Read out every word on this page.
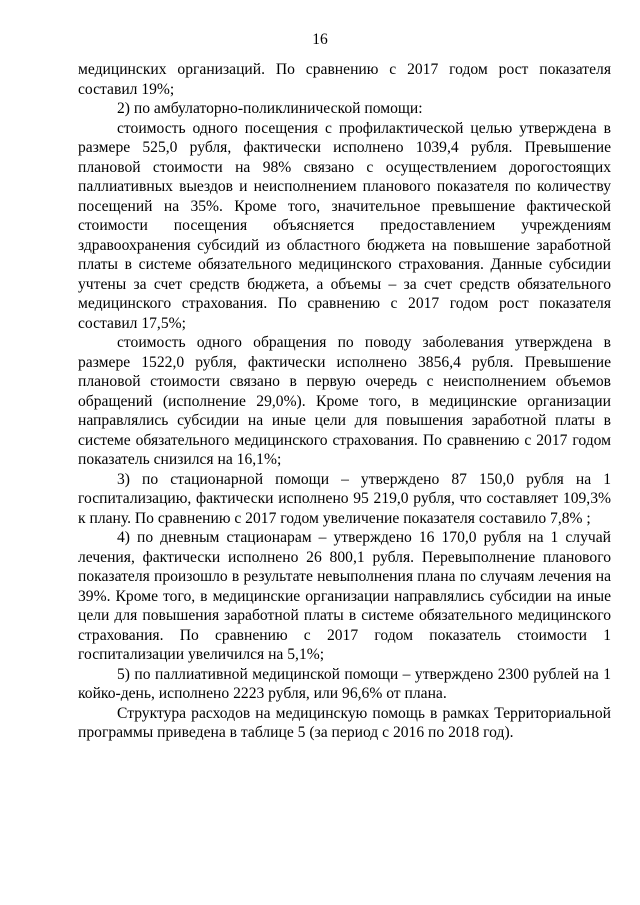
16

медицинских организаций. По сравнению с 2017 годом рост показателя составил 19%;

2) по амбулаторно-поликлинической помощи:

стоимость одного посещения с профилактической целью утверждена в размере 525,0 рубля, фактически исполнено 1039,4 рубля. Превышение плановой стоимости на 98% связано с осуществлением дорогостоящих паллиативных выездов и неисполнением планового показателя по количеству посещений на 35%. Кроме того, значительное превышение фактической стоимости посещения объясняется предоставлением учреждениям здравоохранения субсидий из областного бюджета на повышение заработной платы в системе обязательного медицинского страхования. Данные субсидии учтены за счет средств бюджета, а объемы – за счет средств обязательного медицинского страхования. По сравнению с 2017 годом рост показателя составил 17,5%;

стоимость одного обращения по поводу заболевания утверждена в размере 1522,0 рубля, фактически исполнено 3856,4 рубля. Превышение плановой стоимости связано в первую очередь с неисполнением объемов обращений (исполнение 29,0%). Кроме того, в медицинские организации направлялись субсидии на иные цели для повышения заработной платы в системе обязательного медицинского страхования. По сравнению с 2017 годом показатель снизился на 16,1%;

3) по стационарной помощи – утверждено 87 150,0 рубля на 1 госпитализацию, фактически исполнено 95 219,0 рубля, что составляет 109,3% к плану. По сравнению с 2017 годом увеличение показателя составило 7,8% ;

4) по дневным стационарам – утверждено 16 170,0 рубля на 1 случай лечения, фактически исполнено 26 800,1 рубля. Перевыполнение планового показателя произошло в результате невыполнения плана по случаям лечения на 39%. Кроме того, в медицинские организации направлялись субсидии на иные цели для повышения заработной платы в системе обязательного медицинского страхования. По сравнению с 2017 годом показатель стоимости 1 госпитализации увеличился на 5,1%;

5) по паллиативной медицинской помощи – утверждено 2300 рублей на 1 койко-день, исполнено 2223 рубля, или 96,6% от плана.

Структура расходов на медицинскую помощь в рамках Территориальной программы приведена в таблице 5 (за период с 2016 по 2018 год).
